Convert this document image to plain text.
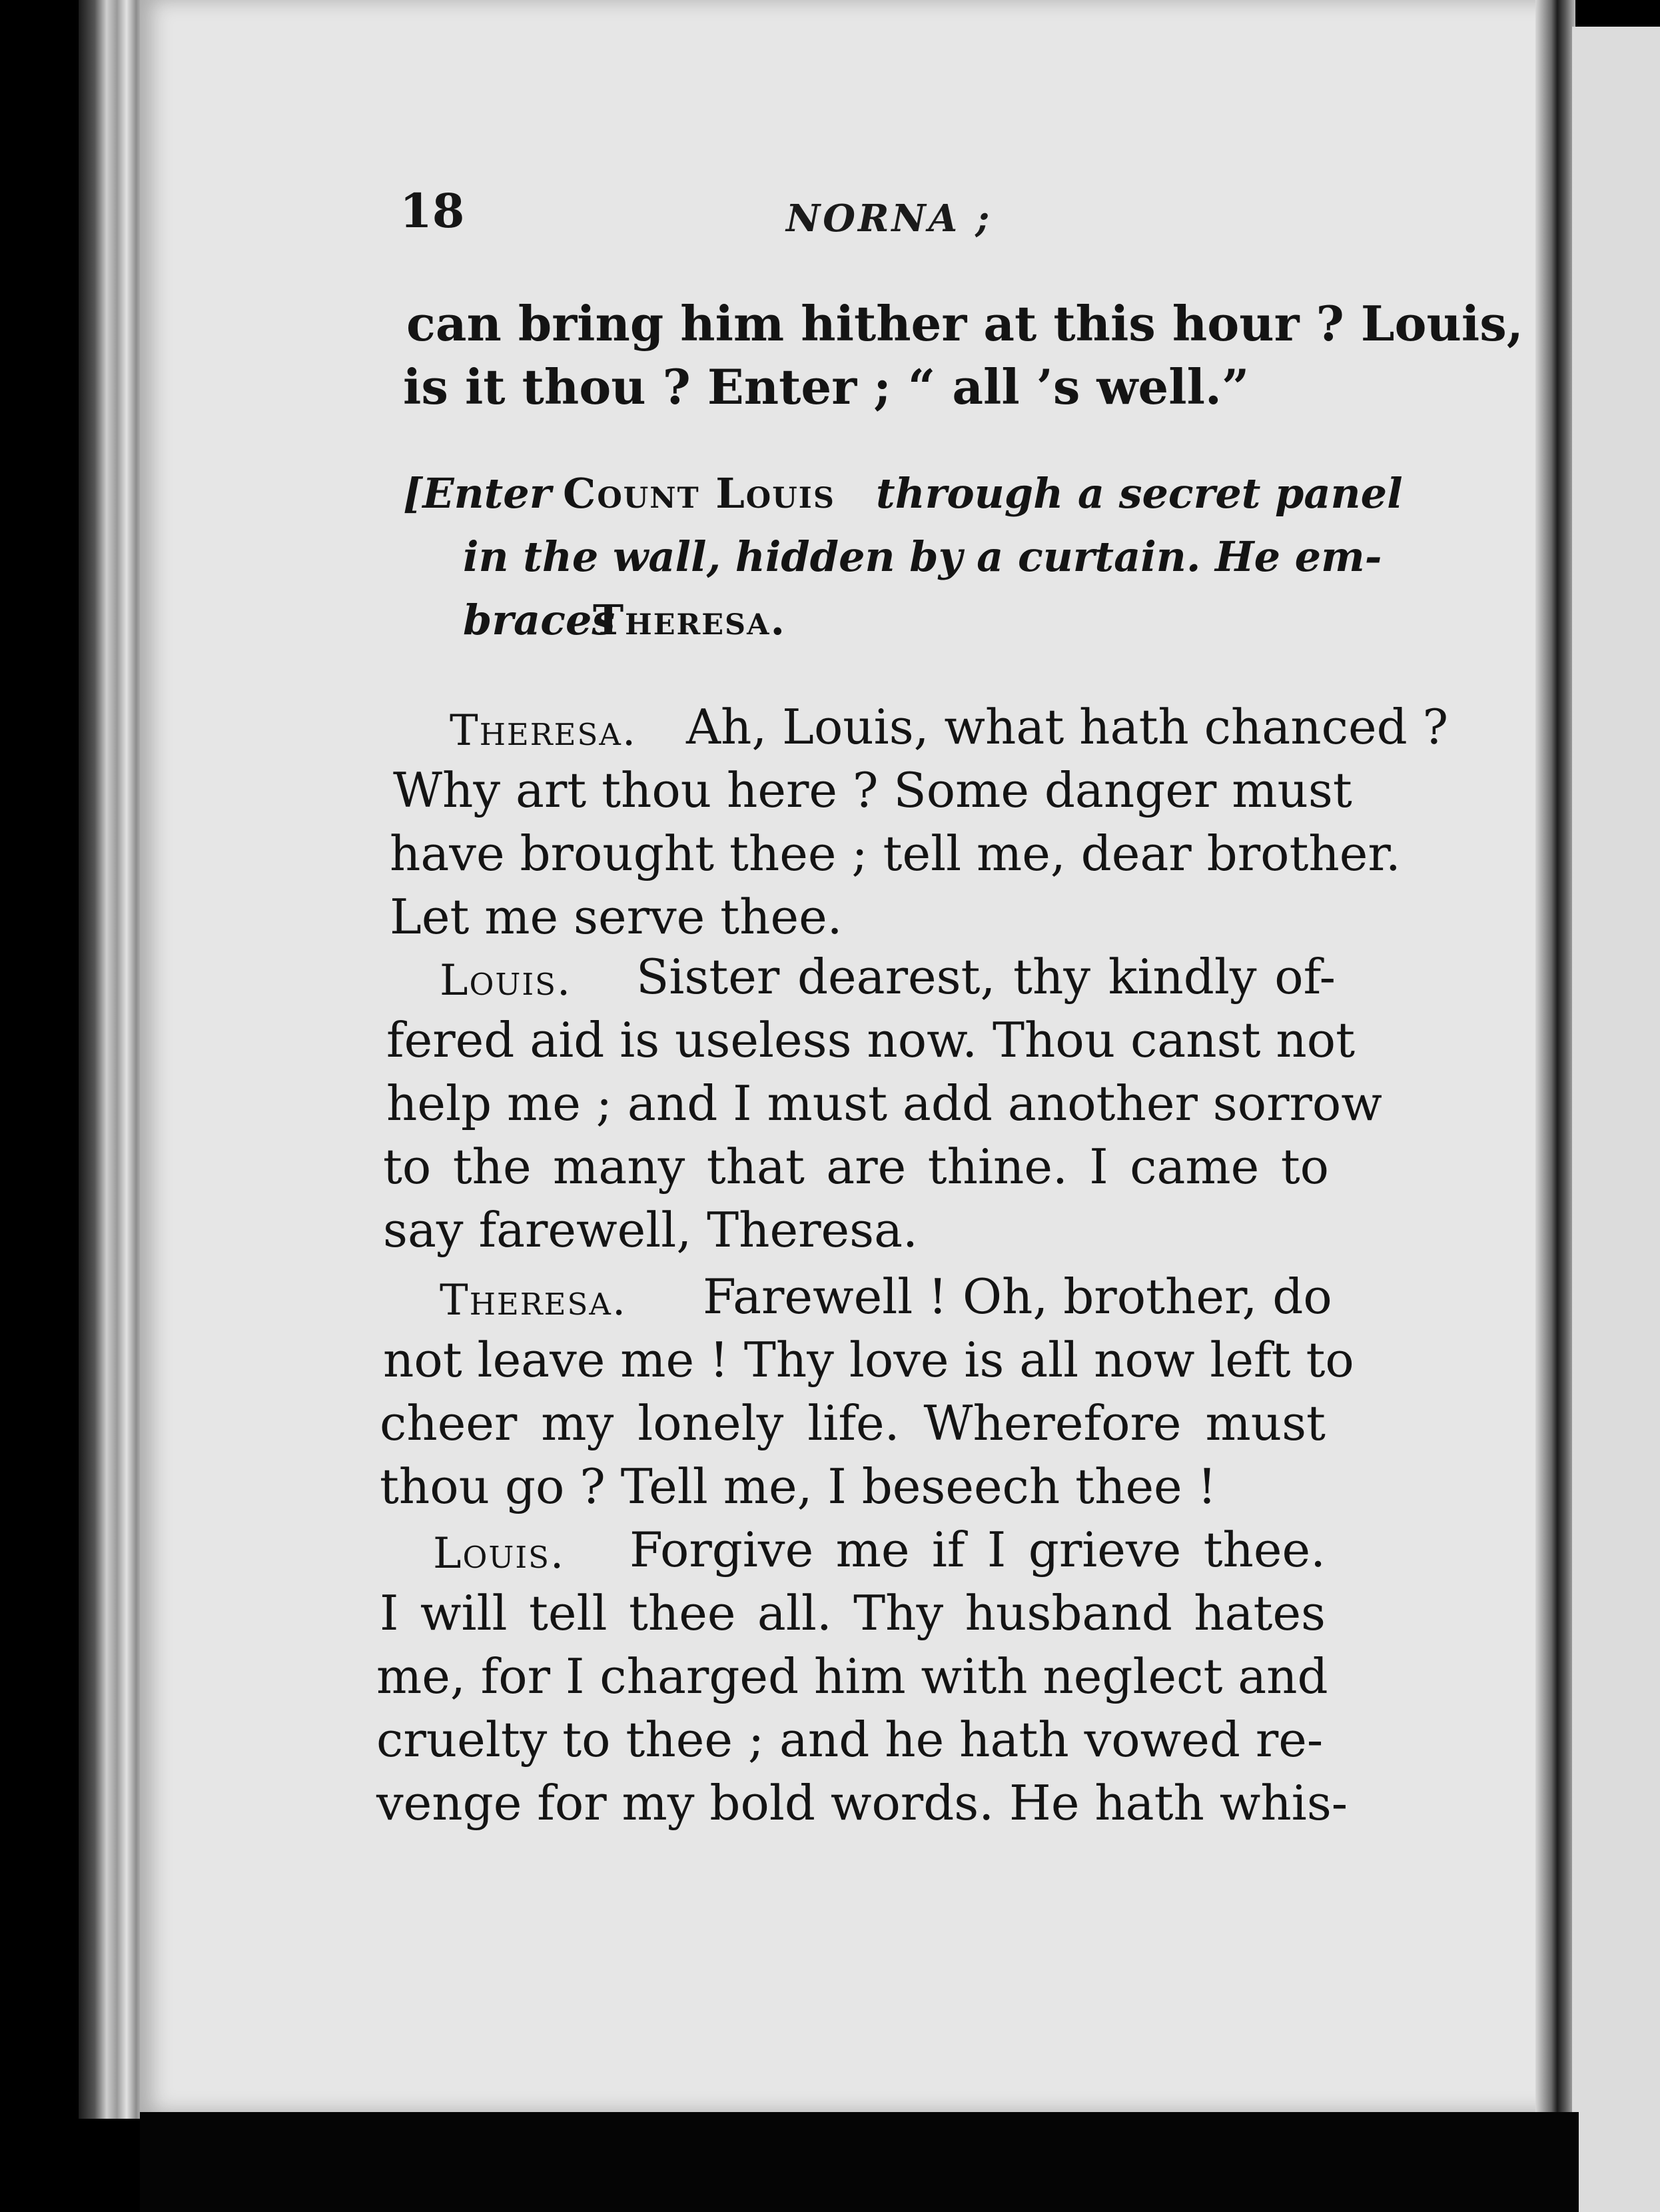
18	NORNA ;
can bring him hither at this hour ? Louis,
is it thou ? Enter ; “ all ’s well.”
[Enter Count Louis through a secret panel
in the wall, hidden by a curtain. He em-
braces
Theresa.
Theresa. Ah, Louis, what hath chanced ?
Why art thou here ? Some danger must
have brought thee ; tell me, dear brother.
Let me serve thee.
Louis. Sister dearest, thy kindly of-
fered aid is useless now. Thou canst not
help me ; and I must add another sorrow
to the many that are thine. I came to
say farewell, Theresa.
Theresa. Farewell ! Oh, brother, do
not leave me ! Thy love is all now left to
cheer my lonely life. Wherefore must
thou go ? Tell me, I beseech thee !
Louis. Forgive me if I grieve thee.
I will tell thee all. Thy husband hates
me, for I charged him with neglect and
cruelty to thee ; and he hath vowed re-
venge for my bold words. He hath whis-
